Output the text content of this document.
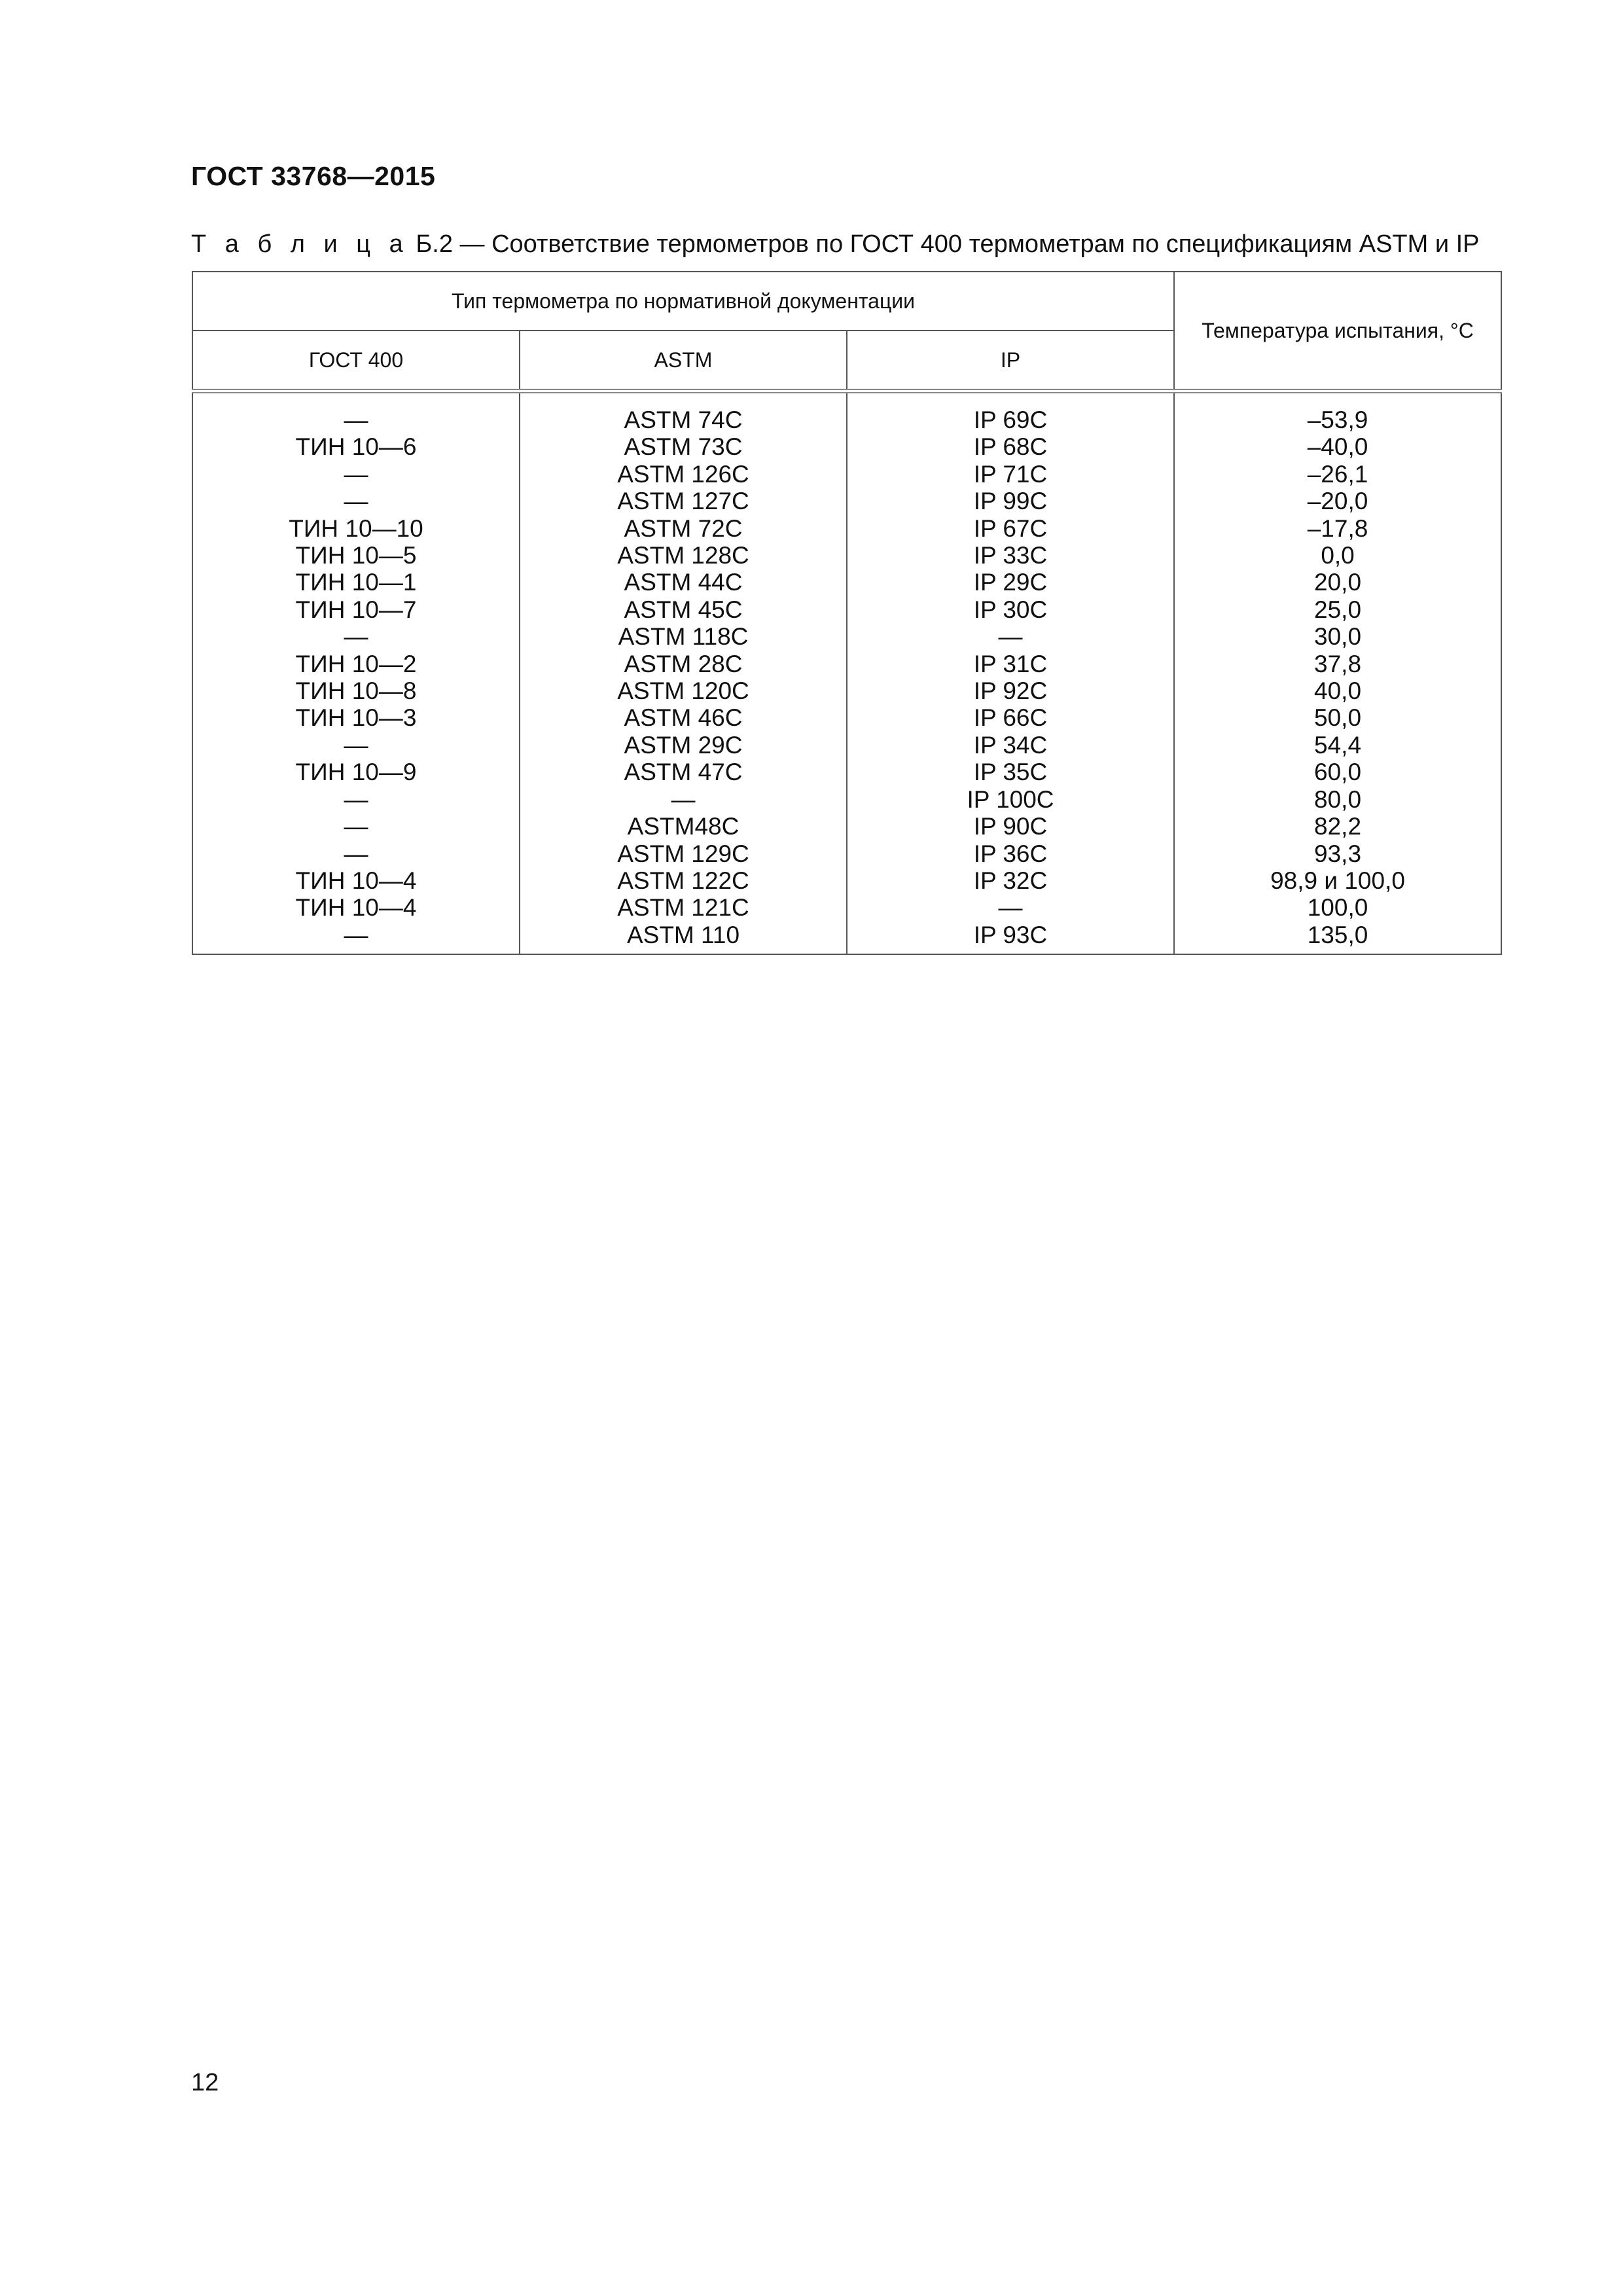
ГОСТ 33768—2015
Т а б л и ц а Б.2 — Соответствие термометров по ГОСТ 400 термометрам по спецификациям ASTM и IP
Тип термометра по нормативной документации			Температура испытания, °С
ГОСТ 400	ASTM	IP	
—	ASTM 74C	IP 69C	–53,9
ТИН 10—6	ASTM 73C	IP 68C	–40,0
—	ASTM 126C	IP 71C	–26,1
—	ASTM 127C	IP 99C	–20,0
ТИН 10—10	ASTM 72C	IP 67C	–17,8
ТИН 10—5	ASTM 128C	IP 33C	0,0
ТИН 10—1	ASTM 44C	IP 29C	20,0
ТИН 10—7	ASTM 45C	IP 30C	25,0
—	ASTM 118C	—	30,0
ТИН 10—2	ASTM 28C	IP 31C	37,8
ТИН 10—8	ASTM 120C	IP 92C	40,0
ТИН 10—3	ASTM 46C	IP 66C	50,0
—	ASTM 29C	IP 34C	54,4
ТИН 10—9	ASTM 47C	IP 35C	60,0
—	—	IP 100C	80,0
—	ASTM48C	IP 90C	82,2
—	ASTM 129C	IP 36C	93,3
ТИН 10—4	ASTM 122C	IP 32C	98,9 и 100,0
ТИН 10—4	ASTM 121C	—	100,0
—	ASTM 110	IP 93C	135,0
12
